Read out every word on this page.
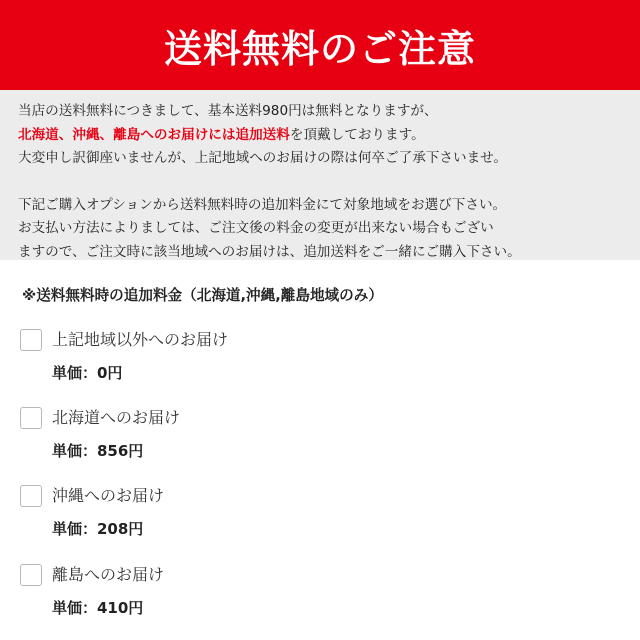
送料無料のご注意
当店の送料無料につきまして、基本送料980円は無料となりますが、
北海道、沖縄、離島へのお届けには追加送料を頂戴しております。
大変申し訳御座いませんが、上記地域へのお届けの際は何卒ご了承下さいませ。
下記ご購入オプションから送料無料時の追加料金にて対象地域をお選び下さい。
お支払い方法によりましては、ご注文後の料金の変更が出来ない場合もござい
ますので、ご注文時に該当地域へのお届けは、追加送料をご一緒にご購入下さい。
※送料無料時の追加料金（北海道,沖縄,離島地域のみ）
上記地域以外へのお届け
単価：0円
北海道へのお届け
単価：856円
沖縄へのお届け
単価：208円
離島へのお届け
単価：410円
